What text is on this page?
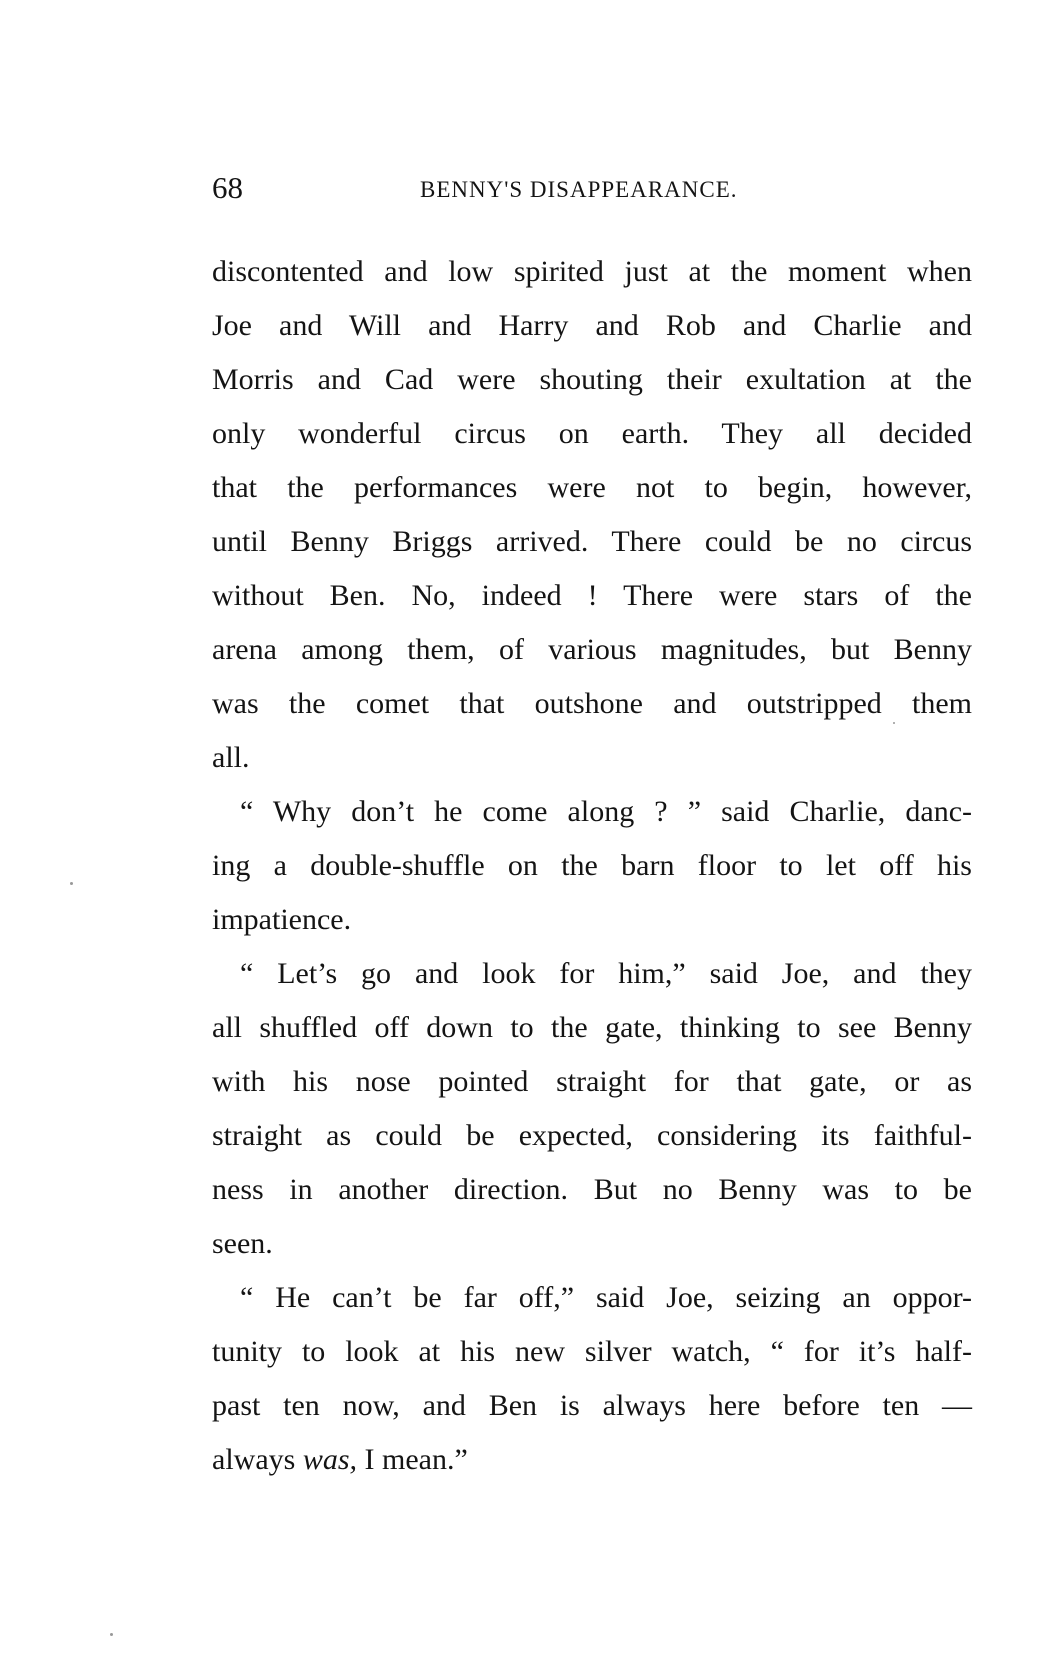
68	BENNY'S DISAPPEARANCE.
discontented and low spirited just at the moment when
Joe and Will and Harry and Rob and Charlie and
Morris and Cad were shouting their exultation at the
only wonderful circus on earth. They all decided
that the performances were not to begin, however,
until Benny Briggs arrived. There could be no circus
without Ben. No, indeed ! There were stars of the
arena among them, of various magnitudes, but Benny
was the comet that outshone and outstripped them
all.
“ Why don’t he come along ? ” said Charlie, danc-
ing a double-shuffle on the barn floor to let off his
impatience.
“ Let’s go and look for him,” said Joe, and they
all shuffled off down to the gate, thinking to see Benny
with his nose pointed straight for that gate, or as
straight as could be expected, considering its faithful-
ness in another direction. But no Benny was to be
seen.
“ He can’t be far off,” said Joe, seizing an oppor-
tunity to look at his new silver watch, “ for it’s half-
past ten now, and Ben is always here before ten —
always was, I mean.”
